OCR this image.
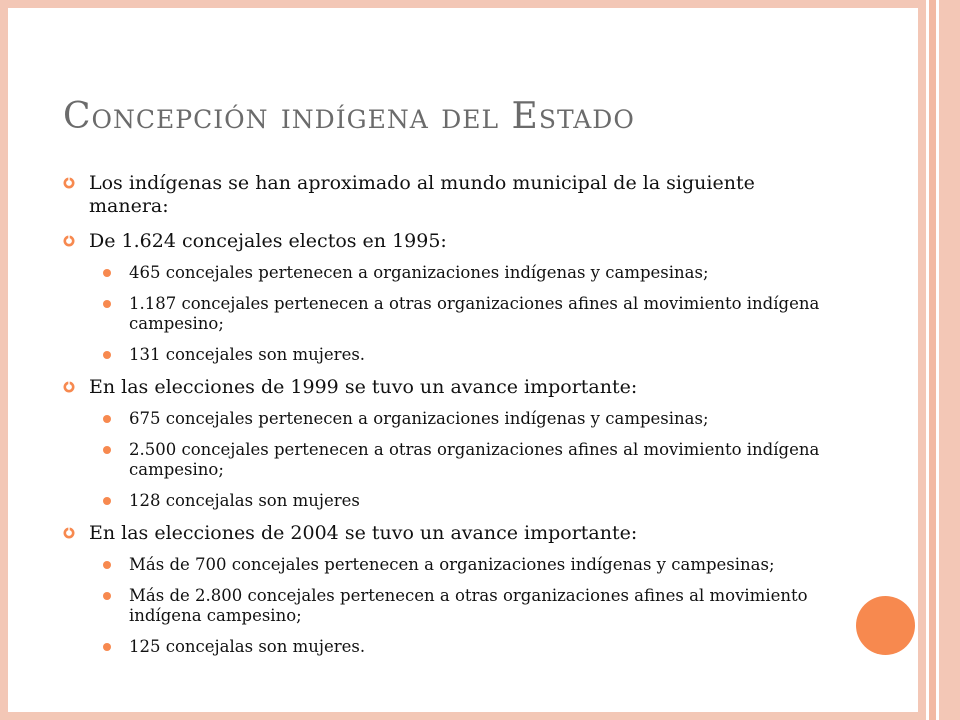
Concepción indígena del Estado
Los indígenas se han aproximado al mundo municipal de la siguiente manera:
De 1.624 concejales electos en 1995:
465 concejales pertenecen a organizaciones indígenas y campesinas;
1.187 concejales pertenecen a otras organizaciones afines al movimiento indígena campesino;
131 concejales son mujeres.
En las elecciones de 1999 se tuvo un avance importante:
675 concejales pertenecen a organizaciones indígenas y campesinas;
2.500 concejales pertenecen a otras organizaciones afines al movimiento indígena campesino;
128 concejalas son mujeres
En las elecciones de 2004 se tuvo un avance importante:
Más de 700 concejales pertenecen a organizaciones indígenas y campesinas;
Más de 2.800 concejales pertenecen a otras organizaciones afines al movimiento indígena campesino;
125 concejalas son mujeres.
